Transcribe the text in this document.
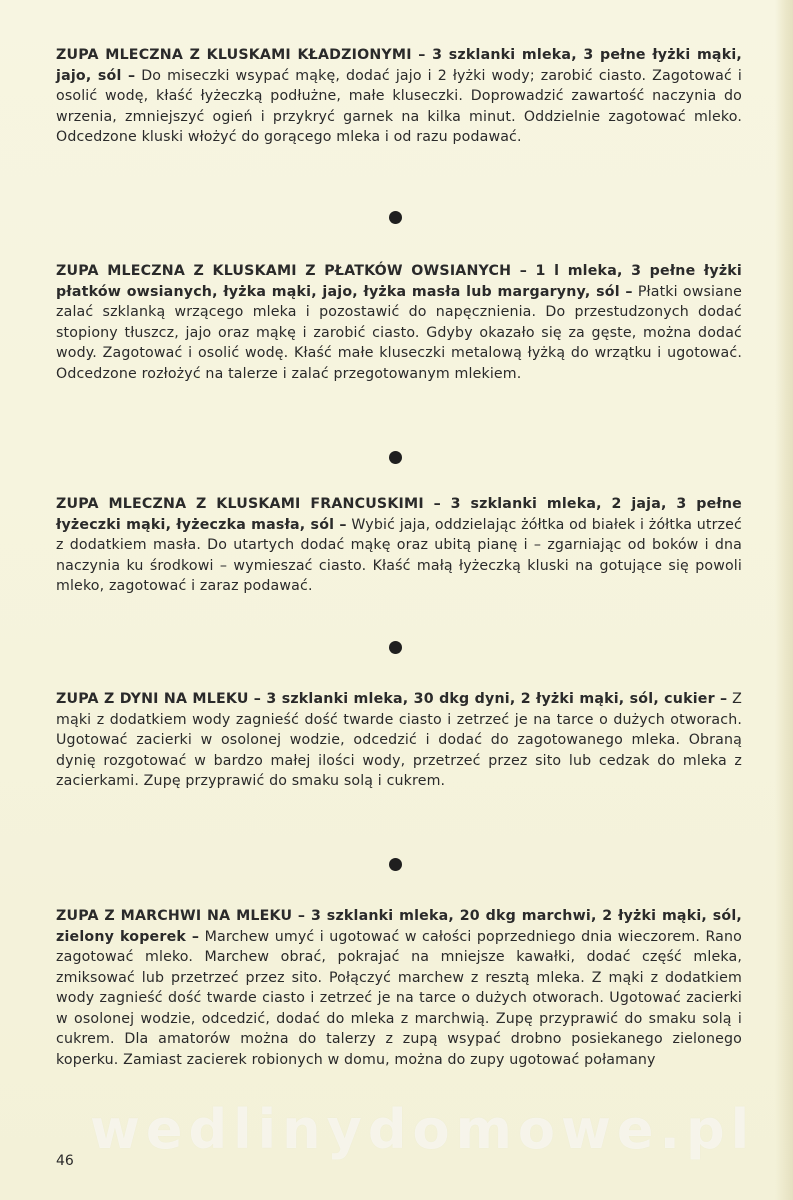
ZUPA MLECZNA Z KLUSKAMI KŁADZIONYMI – 3 szklanki mleka, 3 pełne łyżki mąki, jajo, sól – Do miseczki wsypać mąkę, dodać jajo i 2 łyżki wody; zarobić ciasto. Zagotować i osolić wodę, kłaść łyżeczką podłużne, małe kluseczki. Doprowadzić zawartość naczynia do wrzenia, zmniejszyć ogień i przykryć garnek na kilka minut. Oddzielnie zagotować mleko. Odcedzone kluski włożyć do gorącego mleka i od razu podawać.
ZUPA MLECZNA Z KLUSKAMI Z PŁATKÓW OWSIANYCH – 1 l mleka, 3 pełne łyżki płatków owsianych, łyżka mąki, jajo, łyżka masła lub margaryny, sól – Płatki owsiane zalać szklanką wrzącego mleka i pozostawić do napęcznienia. Do przestudzonych dodać stopiony tłuszcz, jajo oraz mąkę i zarobić ciasto. Gdyby okazało się za gęste, można dodać wody. Zagotować i osolić wodę. Kłaść małe kluseczki metalową łyżką do wrzątku i ugotować. Odcedzone rozłożyć na talerze i zalać przegotowanym mlekiem.
ZUPA MLECZNA Z KLUSKAMI FRANCUSKIMI – 3 szklanki mleka, 2 jaja, 3 pełne łyżeczki mąki, łyżeczka masła, sól – Wybić jaja, oddzielając żółtka od białek i żółtka utrzeć z dodatkiem masła. Do utartych dodać mąkę oraz ubitą pianę i – zgarniając od boków i dna naczynia ku środkowi – wymieszać ciasto. Kłaść małą łyżeczką kluski na gotujące się powoli mleko, zagotować i zaraz podawać.
ZUPA Z DYNI NA MLEKU – 3 szklanki mleka, 30 dkg dyni, 2 łyżki mąki, sól, cukier – Z mąki z dodatkiem wody zagnieść dość twarde ciasto i zetrzeć je na tarce o dużych otworach. Ugotować zacierki w osolonej wodzie, odcedzić i dodać do zagotowanego mleka. Obraną dynię rozgotować w bardzo małej ilości wody, przetrzeć przez sito lub cedzak do mleka z zacierkami. Zupę przyprawić do smaku solą i cukrem.
ZUPA Z MARCHWI NA MLEKU – 3 szklanki mleka, 20 dkg marchwi, 2 łyżki mąki, sól, zielony koperek – Marchew umyć i ugotować w całości poprzedniego dnia wieczorem. Rano zagotować mleko. Marchew obrać, pokrajać na mniejsze kawałki, dodać część mleka, zmiksować lub przetrzeć przez sito. Połączyć marchew z resztą mleka. Z mąki z dodatkiem wody zagnieść dość twarde ciasto i zetrzeć je na tarce o dużych otworach. Ugotować zacierki w osolonej wodzie, odcedzić, dodać do mleka z marchwią. Zupę przyprawić do smaku solą i cukrem. Dla amatorów można do talerzy z zupą wsypać drobno posiekanego zielonego koperku. Zamiast zacierek robionych w domu, można do zupy ugotować połamany
wedlinydomowe.pl
46
